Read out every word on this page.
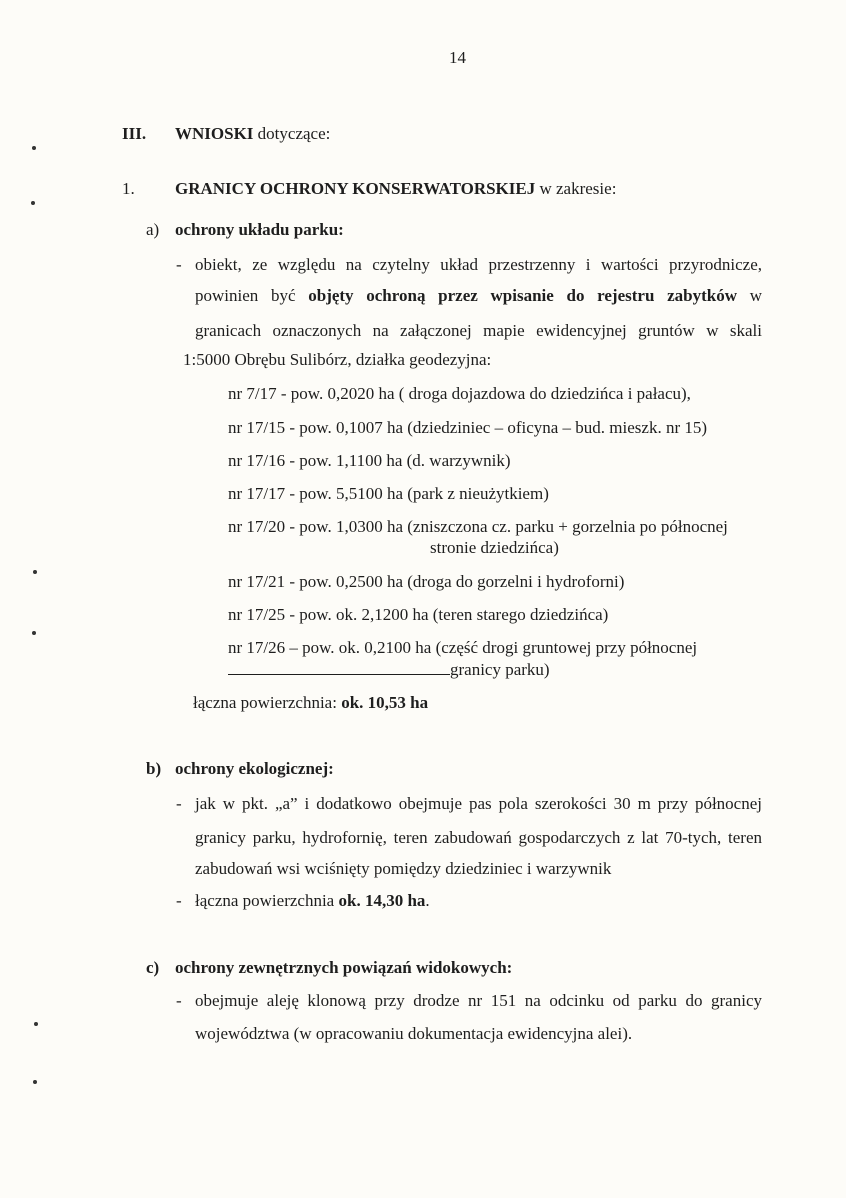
14
III. WNIOSKI dotyczące:
1. GRANICY OCHRONY KONSERWATORSKIEJ w zakresie:
a) ochrony układu parku:
- obiekt, ze względu na czytelny układ przestrzenny i wartości przyrodnicze,
powinien być objęty ochroną przez wpisanie do rejestru zabytków w
granicach oznaczonych na załączonej mapie ewidencyjnej gruntów w skali
1:5000 Obrębu Sulibórz, działka geodezyjna:
nr 7/17 - pow. 0,2020 ha ( droga dojazdowa do dziedzińca i pałacu),
nr 17/15 - pow. 0,1007 ha (dziedziniec – oficyna – bud. mieszk. nr 15)
nr 17/16 - pow. 1,1100 ha (d. warzywnik)
nr 17/17 - pow. 5,5100 ha (park z nieużytkiem)
nr 17/20 - pow. 1,0300 ha (zniszczona cz. parku + gorzelnia po północnej
stronie dziedzińca)
nr 17/21 - pow. 0,2500 ha (droga do gorzelni i hydroforni)
nr 17/25 - pow. ok. 2,1200 ha (teren starego dziedzińca)
nr 17/26 – pow. ok. 0,2100 ha (część drogi gruntowej przy północnej
granicy parku)
łączna powierzchnia: ok. 10,53 ha
b) ochrony ekologicznej:
- jak w pkt. „a” i dodatkowo obejmuje pas pola szerokości 30 m przy północnej
granicy parku, hydrofornię, teren zabudowań gospodarczych z lat 70-tych, teren
zabudowań wsi wciśnięty pomiędzy dziedziniec i warzywnik
- łączna powierzchnia ok. 14,30 ha.
c) ochrony zewnętrznych powiązań widokowych:
- obejmuje aleję klonową przy drodze nr 151 na odcinku od parku do granicy
województwa (w opracowaniu dokumentacja ewidencyjna alei).
